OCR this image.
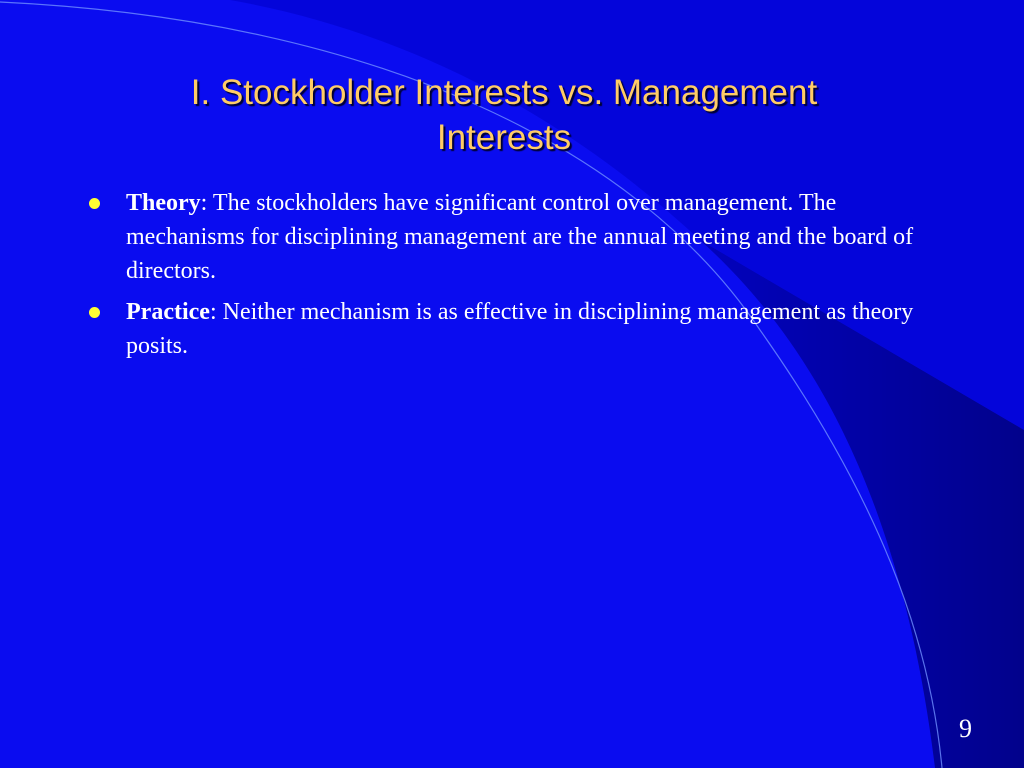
I. Stockholder Interests vs. Management
Interests
Theory: The stockholders have significant control over management. The mechanisms for disciplining management are the annual meeting and the board of directors.
Practice: Neither mechanism is as effective in disciplining management as theory posits.
9
